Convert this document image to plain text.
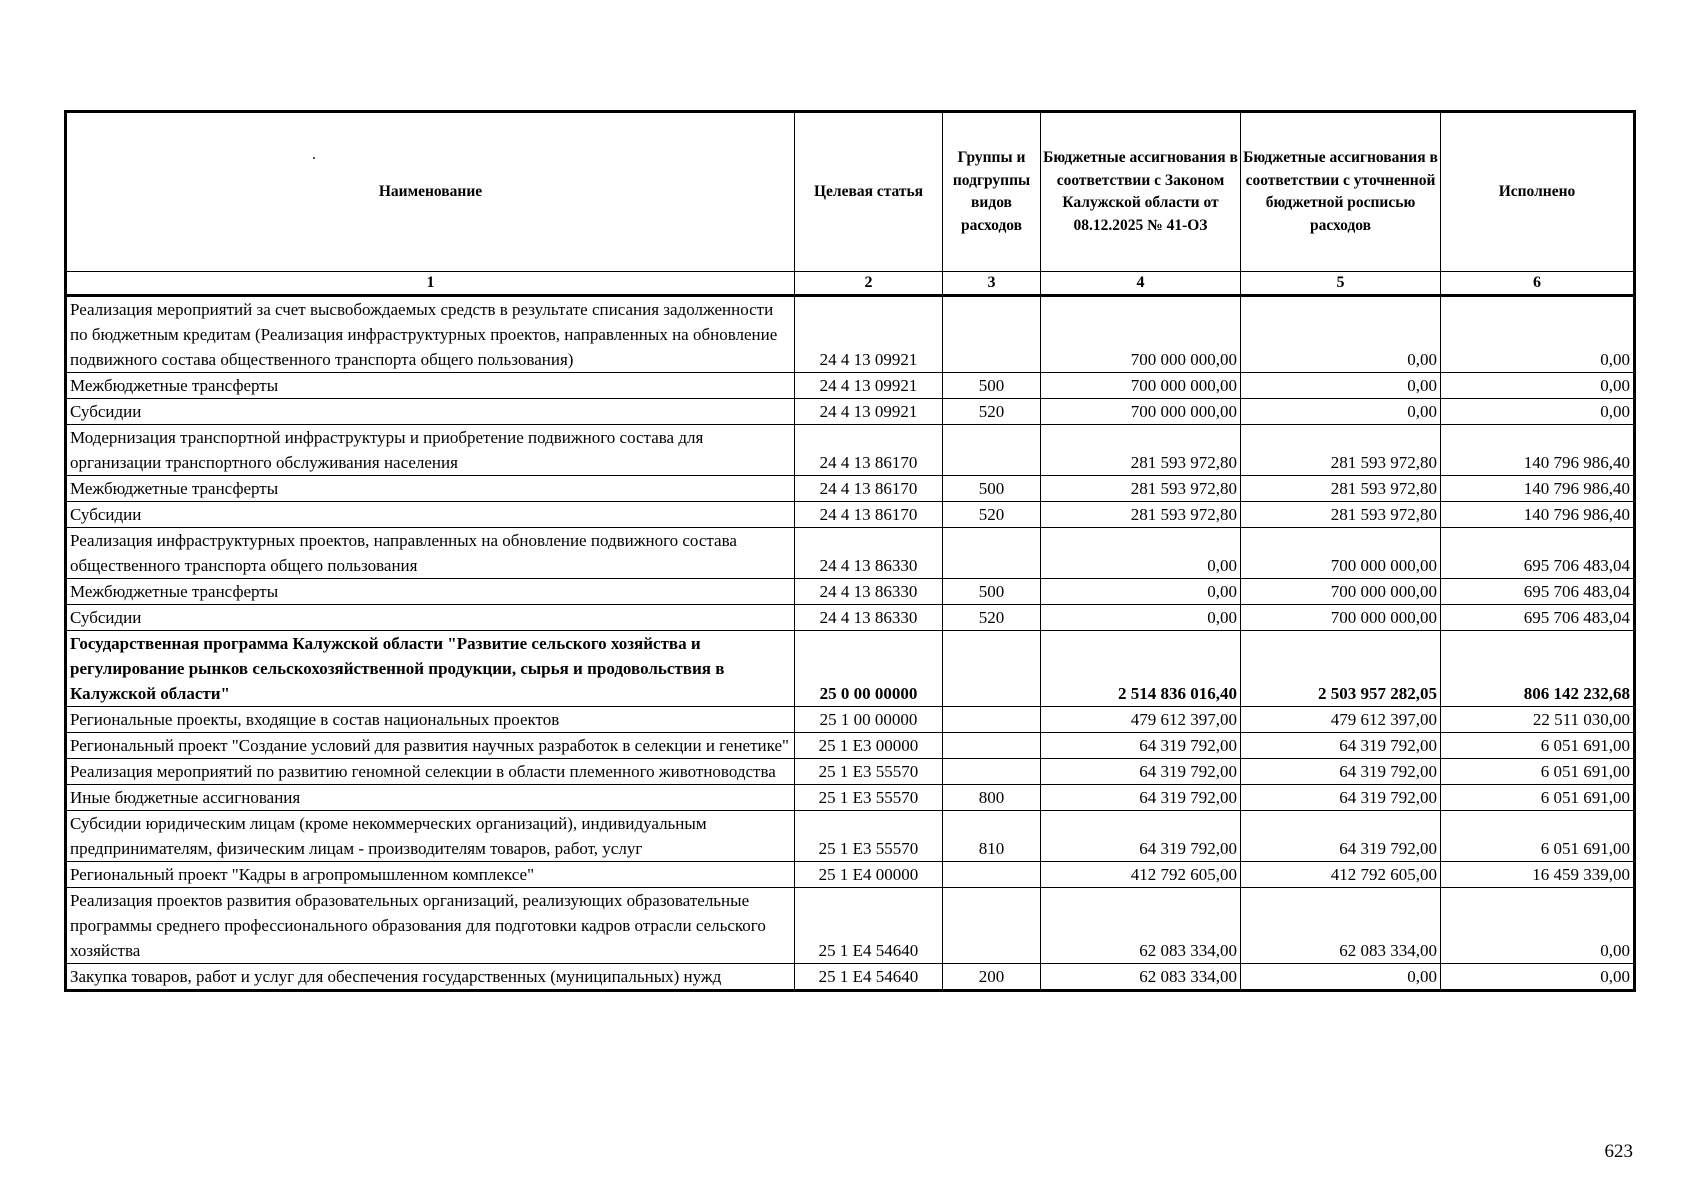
Наименование	Целевая статья	Группы и подгруппы видов расходов	Бюджетные ассигнования в соответствии с Законом Калужской области от 08.12.2025 № 41-ОЗ	Бюджетные ассигнования в соответствии с уточненной бюджетной росписью расходов	Исполнено
1	2	3	4	5	6
Реализация мероприятий за счет высвобождаемых средств в результате списания задолженности по бюджетным кредитам (Реализация инфраструктурных проектов, направленных на обновление подвижного состава общественного транспорта общего пользования)	24 4 13 09921		700 000 000,00	0,00	0,00
Межбюджетные трансферты	24 4 13 09921	500	700 000 000,00	0,00	0,00
Субсидии	24 4 13 09921	520	700 000 000,00	0,00	0,00
Модернизация транспортной инфраструктуры и приобретение подвижного состава для организации транспортного обслуживания населения	24 4 13 86170		281 593 972,80	281 593 972,80	140 796 986,40
Межбюджетные трансферты	24 4 13 86170	500	281 593 972,80	281 593 972,80	140 796 986,40
Субсидии	24 4 13 86170	520	281 593 972,80	281 593 972,80	140 796 986,40
Реализация инфраструктурных проектов, направленных на обновление подвижного состава общественного транспорта общего пользования	24 4 13 86330		0,00	700 000 000,00	695 706 483,04
Межбюджетные трансферты	24 4 13 86330	500	0,00	700 000 000,00	695 706 483,04
Субсидии	24 4 13 86330	520	0,00	700 000 000,00	695 706 483,04
Государственная программа Калужской области "Развитие сельского хозяйства и регулирование рынков сельскохозяйственной продукции, сырья и продовольствия в Калужской области"	25 0 00 00000		2 514 836 016,40	2 503 957 282,05	806 142 232,68
Региональные проекты, входящие в состав национальных проектов	25 1 00 00000		479 612 397,00	479 612 397,00	22 511 030,00
Региональный проект "Создание условий для развития научных разработок в селекции и генетике"	25 1 E3 00000		64 319 792,00	64 319 792,00	6 051 691,00
Реализация мероприятий по развитию геномной селекции в области племенного животноводства	25 1 E3 55570		64 319 792,00	64 319 792,00	6 051 691,00
Иные бюджетные ассигнования	25 1 E3 55570	800	64 319 792,00	64 319 792,00	6 051 691,00
Субсидии юридическим лицам (кроме некоммерческих организаций), индивидуальным предпринимателям, физическим лицам - производителям товаров, работ, услуг	25 1 E3 55570	810	64 319 792,00	64 319 792,00	6 051 691,00
Региональный проект "Кадры в агропромышленном комплексе"	25 1 E4 00000		412 792 605,00	412 792 605,00	16 459 339,00
Реализация проектов развития образовательных организаций, реализующих образовательные программы среднего профессионального образования для подготовки кадров отрасли сельского хозяйства	25 1 E4 54640		62 083 334,00	62 083 334,00	0,00
Закупка товаров, работ и услуг для обеспечения государственных (муниципальных) нужд	25 1 E4 54640	200	62 083 334,00	0,00	0,00
623
